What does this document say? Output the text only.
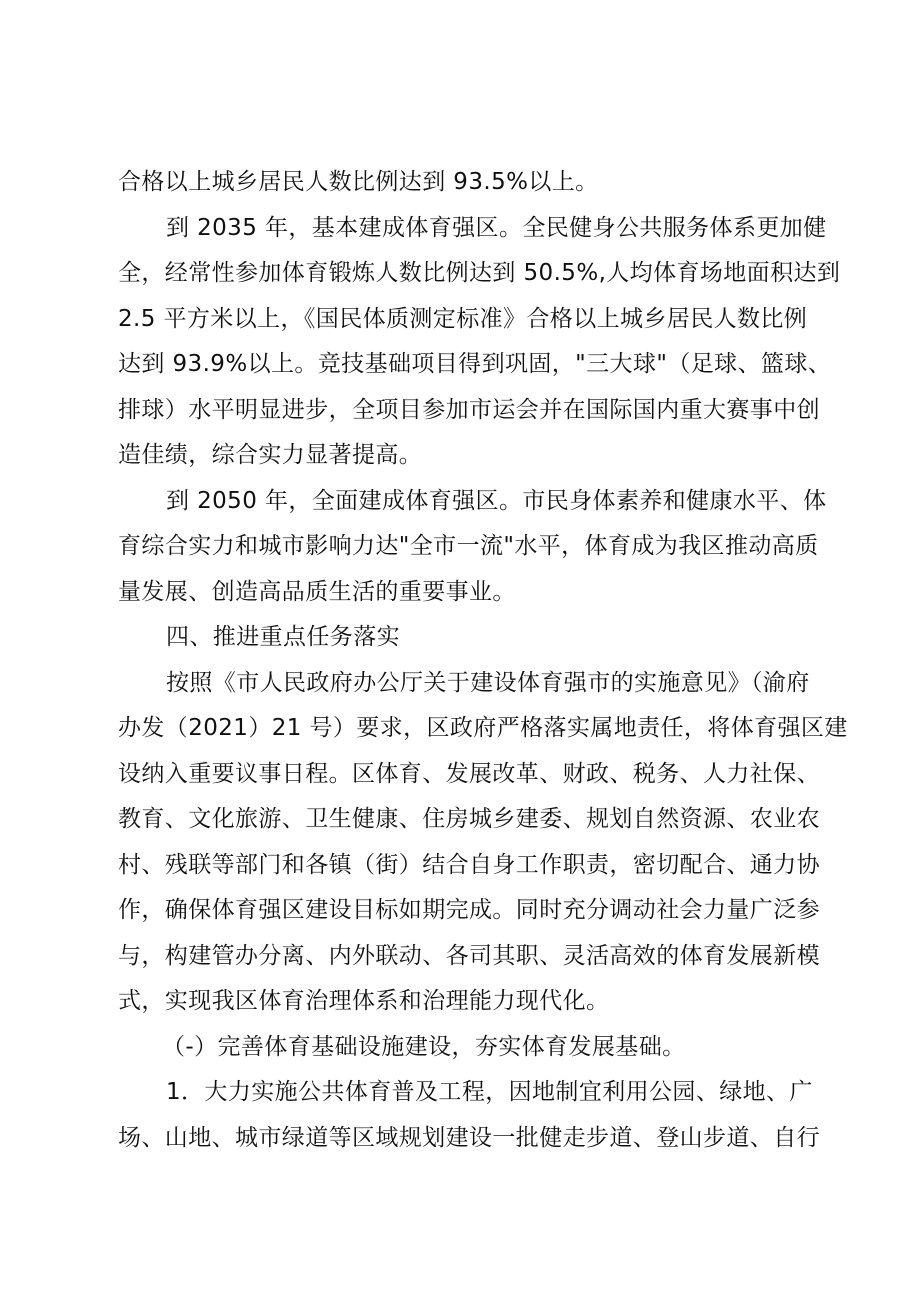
合格以上城乡居民人数比例达到 93.5%以上。
到 2035 年，基本建成体育强区。全民健身公共服务体系更加健
全，经常性参加体育锻炼人数比例达到 50.5%,人均体育场地面积达到
2.5 平方米以上，《国民体质测定标准》合格以上城乡居民人数比例
达到 93.9%以上。竞技基础项目得到巩固，"三大球"（足球、篮球、
排球）水平明显进步，全项目参加市运会并在国际国内重大赛事中创
造佳绩，综合实力显著提高。
到 2050 年，全面建成体育强区。市民身体素养和健康水平、体
育综合实力和城市影响力达"全市一流"水平，体育成为我区推动高质
量发展、创造高品质生活的重要事业。
四、推进重点任务落实
按照《市人民政府办公厅关于建设体育强市的实施意见》（渝府
办发（2021）21 号）要求，区政府严格落实属地责任，将体育强区建
设纳入重要议事日程。区体育、发展改革、财政、税务、人力社保、
教育、文化旅游、卫生健康、住房城乡建委、规划自然资源、农业农
村、残联等部门和各镇（街）结合自身工作职责，密切配合、通力协
作，确保体育强区建设目标如期完成。同时充分调动社会力量广泛参
与，构建管办分离、内外联动、各司其职、灵活高效的体育发展新模
式，实现我区体育治理体系和治理能力现代化。
（-）完善体育基础设施建设，夯实体育发展基础。
1．大力实施公共体育普及工程，因地制宜利用公园、绿地、广
场、山地、城市绿道等区域规划建设一批健走步道、登山步道、自行
